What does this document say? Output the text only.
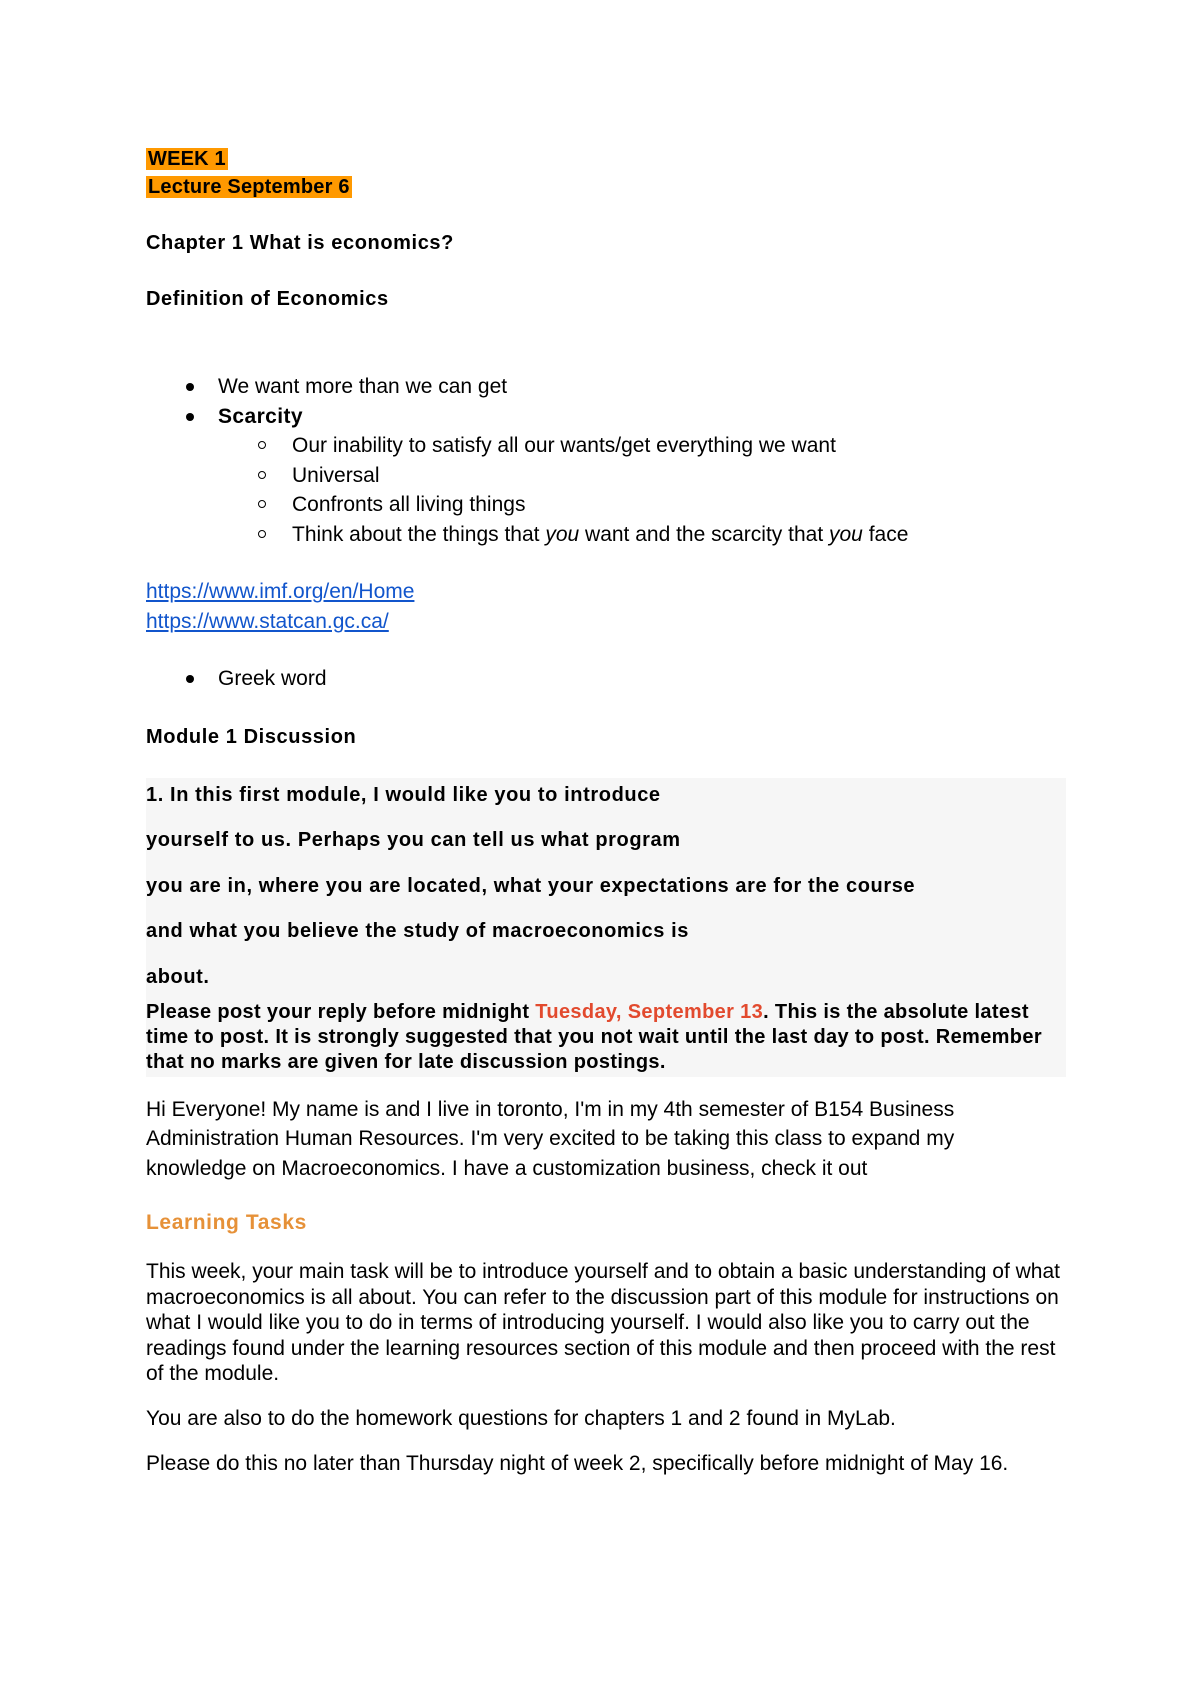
WEEK 1
Lecture September 6

Chapter 1 What is economics?

Definition of Economics

We want more than we can get
Scarcity
Our inability to satisfy all our wants/get everything we want
Universal
Confronts all living things
Think about the things that you want and the scarcity that you face
https://www.imf.org/en/Home
https://www.statcan.gc.ca/
Greek word

Module 1 Discussion

1. In this first module, I would like you to introduce
yourself to us. Perhaps you can tell us what program
you are in, where you are located, what your expectations are for the course
and what you believe the study of macroeconomics is
about.
Please post your reply before midnight Tuesday, September 13. This is the absolute latest time to post. It is strongly suggested that you not wait until the last day to post. Remember that no marks are given for late discussion postings.
Hi Everyone! My name is and I live in toronto, I'm in my 4th semester of B154 Business
Administration Human Resources. I'm very excited to be taking this class to expand my
knowledge on Macroeconomics. I have a customization business, check it out
Learning Tasks

This week, your main task will be to introduce yourself and to obtain a basic understanding of what macroeconomics is all about. You can refer to the discussion part of this module for instructions on what I would like you to do in terms of introducing yourself. I would also like you to carry out the readings found under the learning resources section of this module and then proceed with the rest of the module.

You are also to do the homework questions for chapters 1 and 2 found in MyLab.

Please do this no later than Thursday night of week 2, specifically before midnight of May 16.
